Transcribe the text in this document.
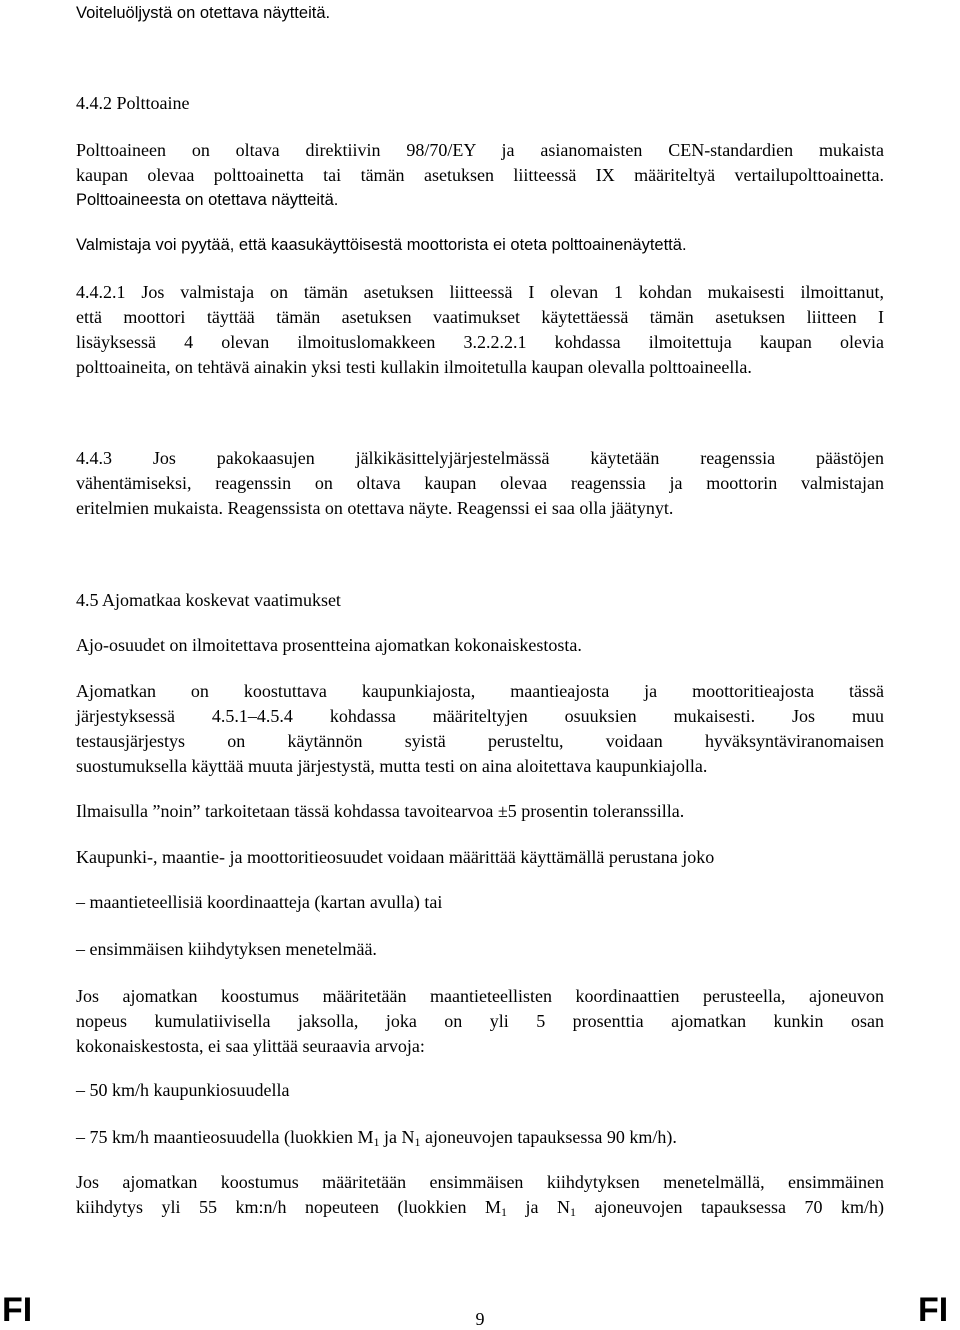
Voiteluöljystä on otettava näytteitä.
4.4.2 Polttoaine
Polttoaineen on oltava direktiivin 98/70/EY ja asianomaisten CEN-standardien mukaista
kaupan olevaa polttoainetta tai tämän asetuksen liitteessä IX määriteltyä vertailupolttoainetta.
Polttoaineesta on otettava näytteitä.
Valmistaja voi pyytää, että kaasukäyttöisestä moottorista ei oteta polttoainenäytettä.
4.4.2.1 Jos valmistaja on tämän asetuksen liitteessä I olevan 1 kohdan mukaisesti ilmoittanut,
että moottori täyttää tämän asetuksen vaatimukset käytettäessä tämän asetuksen liitteen I
lisäyksessä 4 olevan ilmoituslomakkeen 3.2.2.2.1 kohdassa ilmoitettuja kaupan olevia
polttoaineita, on tehtävä ainakin yksi testi kullakin ilmoitetulla kaupan olevalla polttoaineella.
4.4.3 Jos pakokaasujen jälkikäsittelyjärjestelmässä käytetään reagenssia päästöjen
vähentämiseksi, reagenssin on oltava kaupan olevaa reagenssia ja moottorin valmistajan
eritelmien mukaista. Reagenssista on otettava näyte. Reagenssi ei saa olla jäätynyt.
4.5 Ajomatkaa koskevat vaatimukset
Ajo-osuudet on ilmoitettava prosentteina ajomatkan kokonaiskestosta.
Ajomatkan on koostuttava kaupunkiajosta, maantieajosta ja moottoritieajosta tässä
järjestyksessä 4.5.1–4.5.4 kohdassa määriteltyjen osuuksien mukaisesti. Jos muu
testausjärjestys on käytännön syistä perusteltu, voidaan hyväksyntäviranomaisen
suostumuksella käyttää muuta järjestystä, mutta testi on aina aloitettava kaupunkiajolla.
Ilmaisulla ”noin” tarkoitetaan tässä kohdassa tavoitearvoa ±5 prosentin toleranssilla.
Kaupunki-, maantie- ja moottoritieosuudet voidaan määrittää käyttämällä perustana joko
– maantieteellisiä koordinaatteja (kartan avulla) tai
– ensimmäisen kiihdytyksen menetelmää.
Jos ajomatkan koostumus määritetään maantieteellisten koordinaattien perusteella, ajoneuvon
nopeus kumulatiivisella jaksolla, joka on yli 5 prosenttia ajomatkan kunkin osan
kokonaiskestosta, ei saa ylittää seuraavia arvoja:
– 50 km/h kaupunkiosuudella
– 75 km/h maantieosuudella (luokkien $M_1$ ja $N_1$ ajoneuvojen tapauksessa 90 km/h).
Jos ajomatkan koostumus määritetään ensimmäisen kiihdytyksen menetelmällä, ensimmäinen
kiihdytys yli 55 km:n/h nopeuteen (luokkien $M_1$ ja $N_1$ ajoneuvojen tapauksessa 70 km/h)
FI	9	FI
